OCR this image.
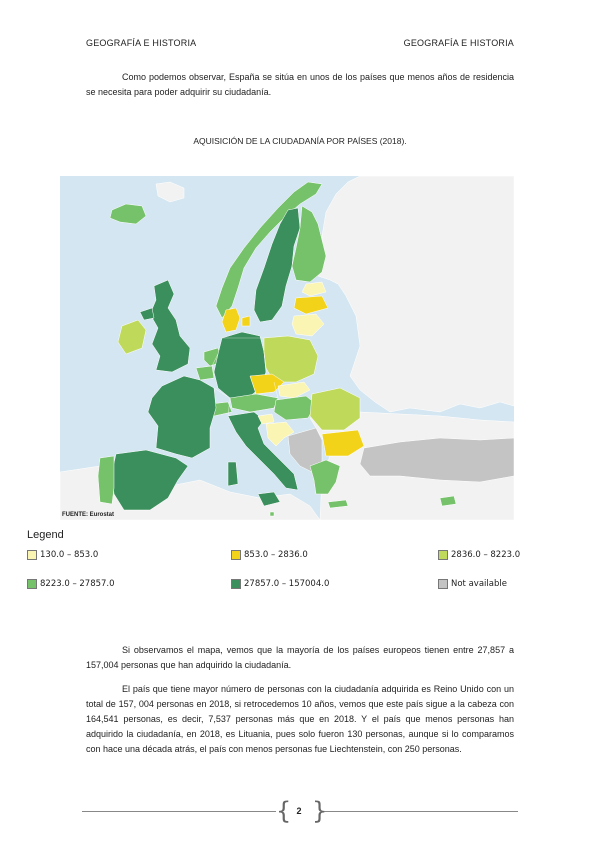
GEOGRAFÍA E HISTORIA	GEOGRAFÍA E HISTORIA

Como podemos observar, España se sitúa en unos de los países que menos años de residencia se necesita para poder adquirir su ciudadanía.

AQUISICIÓN DE LA CIUDADANÍA POR PAÍSES (2018).
FUENTE: Eurostat
Legend
130.0 – 853.0	853.0 – 2836.0	2836.0 – 8223.0
8223.0 – 27857.0	27857.0 – 157004.0	Not available

Si observamos el mapa, vemos que la mayoría de los países europeos tienen entre 27,857 a 157,004 personas que han adquirido la ciudadanía.

El país que tiene mayor número de personas con la ciudadanía adquirida es Reino Unido con un total de 157, 004 personas en 2018, si retrocedemos 10 años, vemos que este país sigue a la cabeza con 164,541 personas, es decir, 7,537 personas más que en 2018. Y el país que menos personas han adquirido la ciudadanía, en 2018, es Lituania, pues solo fueron 130 personas, aunque si lo comparamos con hace una década atrás, el país con menos personas fue Liechtenstein, con 250 personas.

{ }
2
